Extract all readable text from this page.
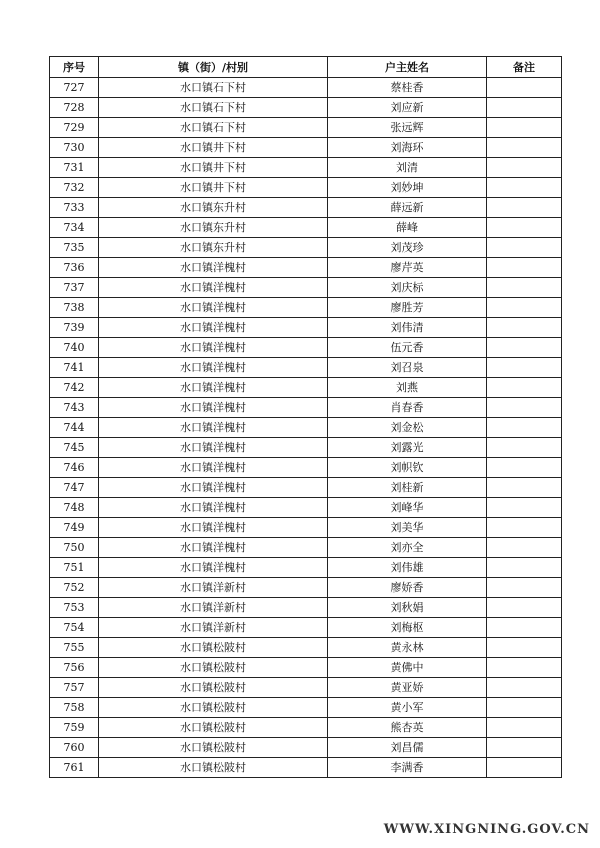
序号	镇（街）/村别	户主姓名	备注
727	水口镇石下村	蔡桂香	
728	水口镇石下村	刘应新	
729	水口镇石下村	张远辉	
730	水口镇井下村	刘海环	
731	水口镇井下村	刘清	
732	水口镇井下村	刘妙坤	
733	水口镇东升村	薛远新	
734	水口镇东升村	薛峰	
735	水口镇东升村	刘茂珍	
736	水口镇洋槐村	廖芹英	
737	水口镇洋槐村	刘庆标	
738	水口镇洋槐村	廖胜芳	
739	水口镇洋槐村	刘伟清	
740	水口镇洋槐村	伍元香	
741	水口镇洋槐村	刘召泉	
742	水口镇洋槐村	刘燕	
743	水口镇洋槐村	肖春香	
744	水口镇洋槐村	刘金松	
745	水口镇洋槐村	刘露光	
746	水口镇洋槐村	刘帜钦	
747	水口镇洋槐村	刘桂新	
748	水口镇洋槐村	刘峰华	
749	水口镇洋槐村	刘美华	
750	水口镇洋槐村	刘亦全	
751	水口镇洋槐村	刘伟雄	
752	水口镇洋新村	廖娇香	
753	水口镇洋新村	刘秋娟	
754	水口镇洋新村	刘梅枢	
755	水口镇松陂村	黄永林	
756	水口镇松陂村	黄佛中	
757	水口镇松陂村	黄亚娇	
758	水口镇松陂村	黄小军	
759	水口镇松陂村	熊杏英	
760	水口镇松陂村	刘昌儒	
761	水口镇松陂村	李满香	
WWW.XINGNING.GOV.CN
